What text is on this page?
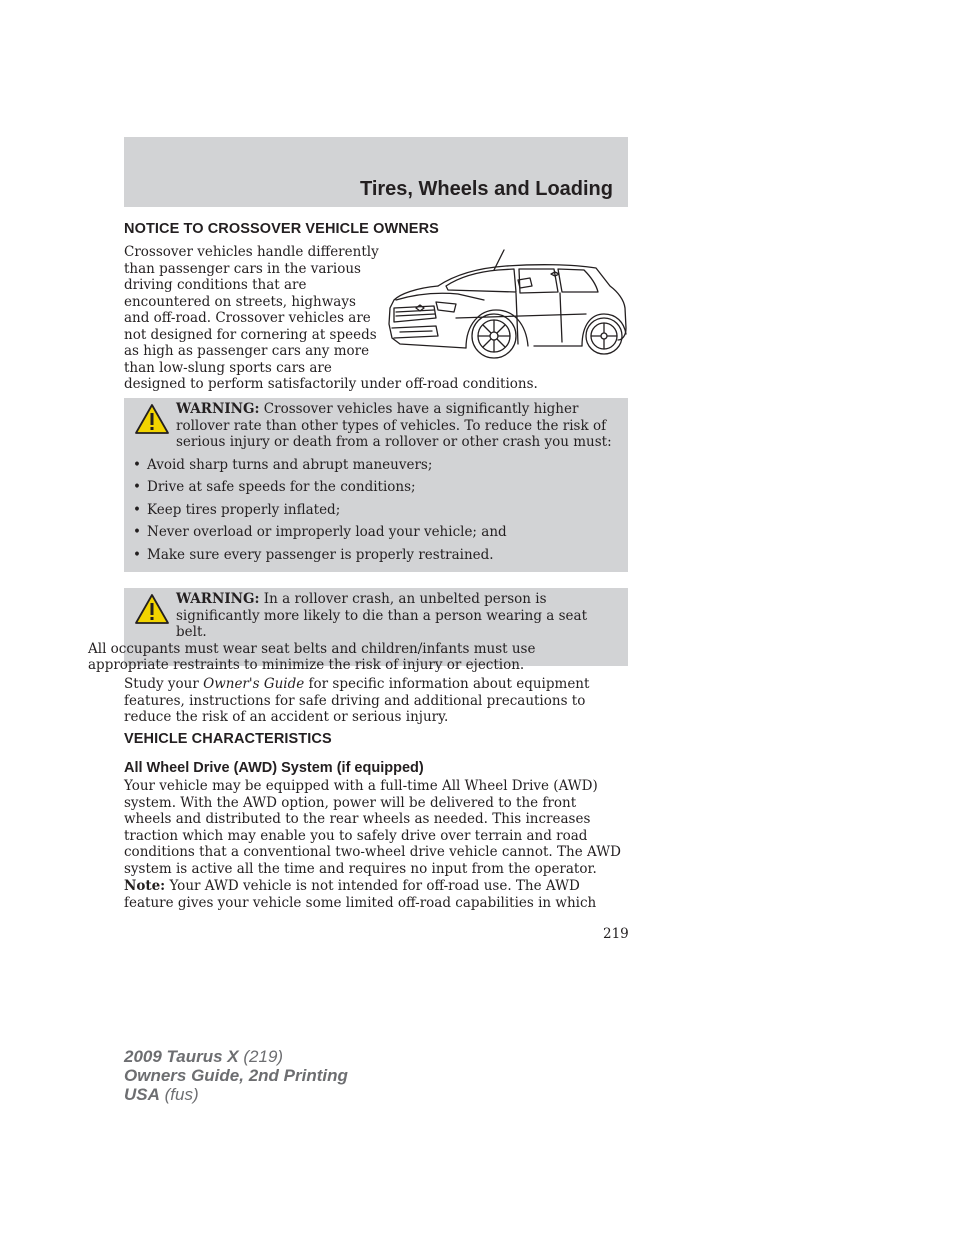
Tires, Wheels and Loading
NOTICE TO CROSSOVER VEHICLE OWNERS
Crossover vehicles handle differently
than passenger cars in the various
driving conditions that are
encountered on streets, highways
and off-road. Crossover vehicles are
not designed for cornering at speeds
as high as passenger cars any more
than low-slung sports cars are
designed to perform satisfactorily under off-road conditions.
WARNING: Crossover vehicles have a significantly higher
rollover rate than other types of vehicles. To reduce the risk of
serious injury or death from a rollover or other crash you must:
• Avoid sharp turns and abrupt maneuvers;
• Drive at safe speeds for the conditions;
• Keep tires properly inflated;
• Never overload or improperly load your vehicle; and
• Make sure every passenger is properly restrained.
WARNING: In a rollover crash, an unbelted person is
significantly more likely to die than a person wearing a seat belt.
All occupants must wear seat belts and children/infants must use
appropriate restraints to minimize the risk of injury or ejection.
Study your Owner's Guide for specific information about equipment
features, instructions for safe driving and additional precautions to
reduce the risk of an accident or serious injury.
VEHICLE CHARACTERISTICS
All Wheel Drive (AWD) System (if equipped)
Your vehicle may be equipped with a full-time All Wheel Drive (AWD)
system. With the AWD option, power will be delivered to the front
wheels and distributed to the rear wheels as needed. This increases
traction which may enable you to safely drive over terrain and road
conditions that a conventional two-wheel drive vehicle cannot. The AWD
system is active all the time and requires no input from the operator.
Note: Your AWD vehicle is not intended for off-road use. The AWD
feature gives your vehicle some limited off-road capabilities in which
219
2009 Taurus X (219)
Owners Guide, 2nd Printing
USA (fus)
